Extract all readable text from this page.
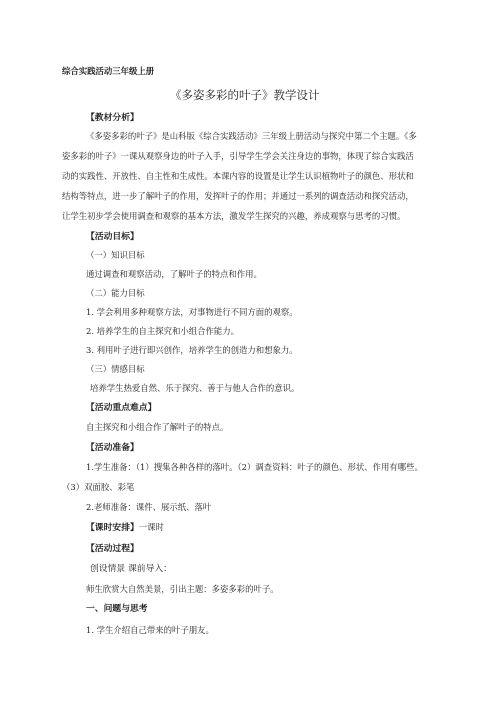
综合实践活动三年级上册
《多姿多彩的叶子》教学设计
【教材分析】
《多姿多彩的叶子》是山科版《综合实践活动》三年级上册活动与探究中第二个主题。《多
姿多彩的叶子》一课从观察身边的叶子入手，引导学生学会关注身边的事物，体现了综合实践活
动的实践性、开放性、自主性和生成性。本课内容的设置是让学生认识植物叶子的颜色、形状和
结构等特点，进一步了解叶子的作用，发挥叶子的作用；并通过一系列的调查活动和探究活动，
让学生初步学会使用调查和观察的基本方法，激发学生探究的兴趣，养成观察与思考的习惯。
【活动目标】
（一）知识目标
通过调查和观察活动，了解叶子的特点和作用。
（二）能力目标
1. 学会利用多种观察方法，对事物进行不同方面的观察。
2. 培养学生的自主探究和小组合作能力。
3. 利用叶子进行即兴创作，培养学生的创造力和想象力。
（三）情感目标
培养学生热爱自然、乐于探究、善于与他人合作的意识。
【活动重点难点】
自主探究和小组合作了解叶子的特点。
【活动准备】
1.学生准备：（1）搜集各种各样的落叶。（2）调查资料：叶子的颜色、形状、作用有哪些。
（3）双面胶、彩笔
2.老师准备：课件、展示纸、落叶
【课时安排】一课时
【活动过程】
创设情景 课前导入：
师生欣赏大自然美景，引出主题：多姿多彩的叶子。
一、问题与思考
1. 学生介绍自己带来的叶子朋友。
